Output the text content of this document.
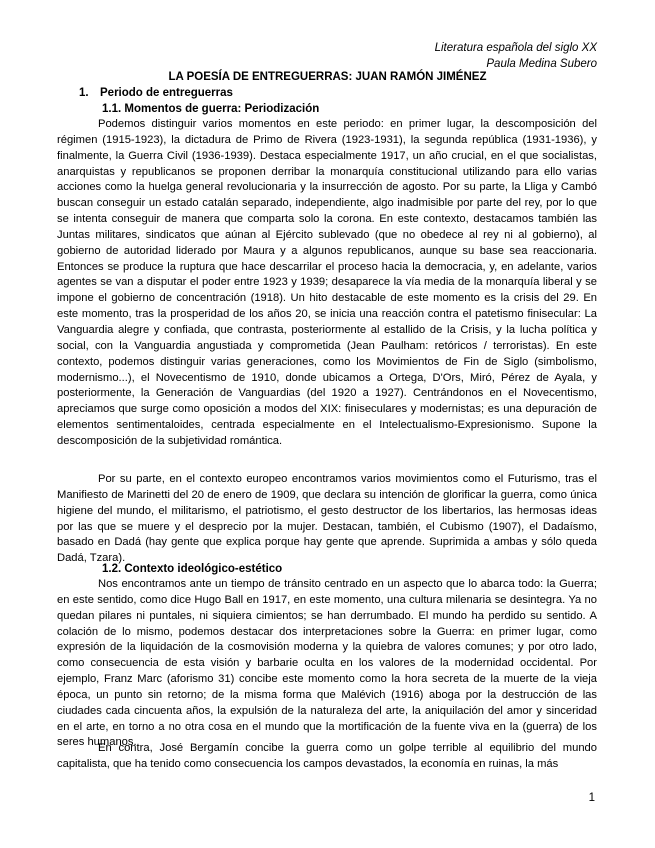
Literatura española del siglo XX
Paula Medina Subero
LA POESÍA DE ENTREGUERRAS: JUAN RAMÓN JIMÉNEZ
1. Periodo de entreguerras
1.1. Momentos de guerra: Periodización

Podemos distinguir varios momentos en este periodo: en primer lugar, la descomposición del régimen (1915-1923), la dictadura de Primo de Rivera (1923-1931), la segunda república (1931-1936), y finalmente, la Guerra Civil (1936-1939). Destaca especialmente 1917, un año crucial, en el que socialistas, anarquistas y republicanos se proponen derribar la monarquía constitucional utilizando para ello varias acciones como la huelga general revolucionaria y la insurrección de agosto. Por su parte, la Lliga y Cambó buscan conseguir un estado catalán separado, independiente, algo inadmisible por parte del rey, por lo que se intenta conseguir de manera que comparta solo la corona. En este contexto, destacamos también las Juntas militares, sindicatos que aúnan al Ejército sublevado (que no obedece al rey ni al gobierno), al gobierno de autoridad liderado por Maura y a algunos republicanos, aunque su base sea reaccionaria. Entonces se produce la ruptura que hace descarrilar el proceso hacia la democracia, y, en adelante, varios agentes se van a disputar el poder entre 1923 y 1939; desaparece la vía media de la monarquía liberal y se impone el gobierno de concentración (1918). Un hito destacable de este momento es la crisis del 29. En este momento, tras la prosperidad de los años 20, se inicia una reacción contra el patetismo finisecular: La Vanguardia alegre y confiada, que contrasta, posteriormente al estallido de la Crisis, y la lucha política y social, con la Vanguardia angustiada y comprometida (Jean Paulham: retóricos / terroristas). En este contexto, podemos distinguir varias generaciones, como los Movimientos de Fin de Siglo (simbolismo, modernismo...), el Novecentismo de 1910, donde ubicamos a Ortega, D'Ors, Miró, Pérez de Ayala, y posteriormente, la Generación de Vanguardias (del 1920 a 1927). Centrándonos en el Novecentismo, apreciamos que surge como oposición a modos del XIX: finiseculares y modernistas; es una depuración de elementos sentimentaloides, centrada especialmente en el Intelectualismo-Expresionismo. Supone la descomposición de la subjetividad romántica.

Por su parte, en el contexto europeo encontramos varios movimientos como el Futurismo, tras el Manifiesto de Marinetti del 20 de enero de 1909, que declara su intención de glorificar la guerra, como única higiene del mundo, el militarismo, el patriotismo, el gesto destructor de los libertarios, las hermosas ideas por las que se muere y el desprecio por la mujer. Destacan, también, el Cubismo (1907), el Dadaísmo, basado en Dadá (hay gente que explica porque hay gente que aprende. Suprimida a ambas y sólo queda Dadá, Tzara).

1.2. Contexto ideológico-estético

Nos encontramos ante un tiempo de tránsito centrado en un aspecto que lo abarca todo: la Guerra; en este sentido, como dice Hugo Ball en 1917, en este momento, una cultura milenaria se desintegra. Ya no quedan pilares ni puntales, ni siquiera cimientos; se han derrumbado. El mundo ha perdido su sentido. A colación de lo mismo, podemos destacar dos interpretaciones sobre la Guerra: en primer lugar, como expresión de la liquidación de la cosmovisión moderna y la quiebra de valores comunes; y por otro lado, como consecuencia de esta visión y barbarie oculta en los valores de la modernidad occidental. Por ejemplo, Franz Marc (aforismo 31) concibe este momento como la hora secreta de la muerte de la vieja época, un punto sin retorno; de la misma forma que Malévich (1916) aboga por la destrucción de las ciudades cada cincuenta años, la expulsión de la naturaleza del arte, la aniquilación del amor y sinceridad en el arte, en torno a no otra cosa en el mundo que la mortificación de la fuente viva en la (guerra) de los seres humanos.

En contra, José Bergamín concibe la guerra como un golpe terrible al equilibrio del mundo capitalista, que ha tenido como consecuencia los campos devastados, la economía en ruinas, la más

1
